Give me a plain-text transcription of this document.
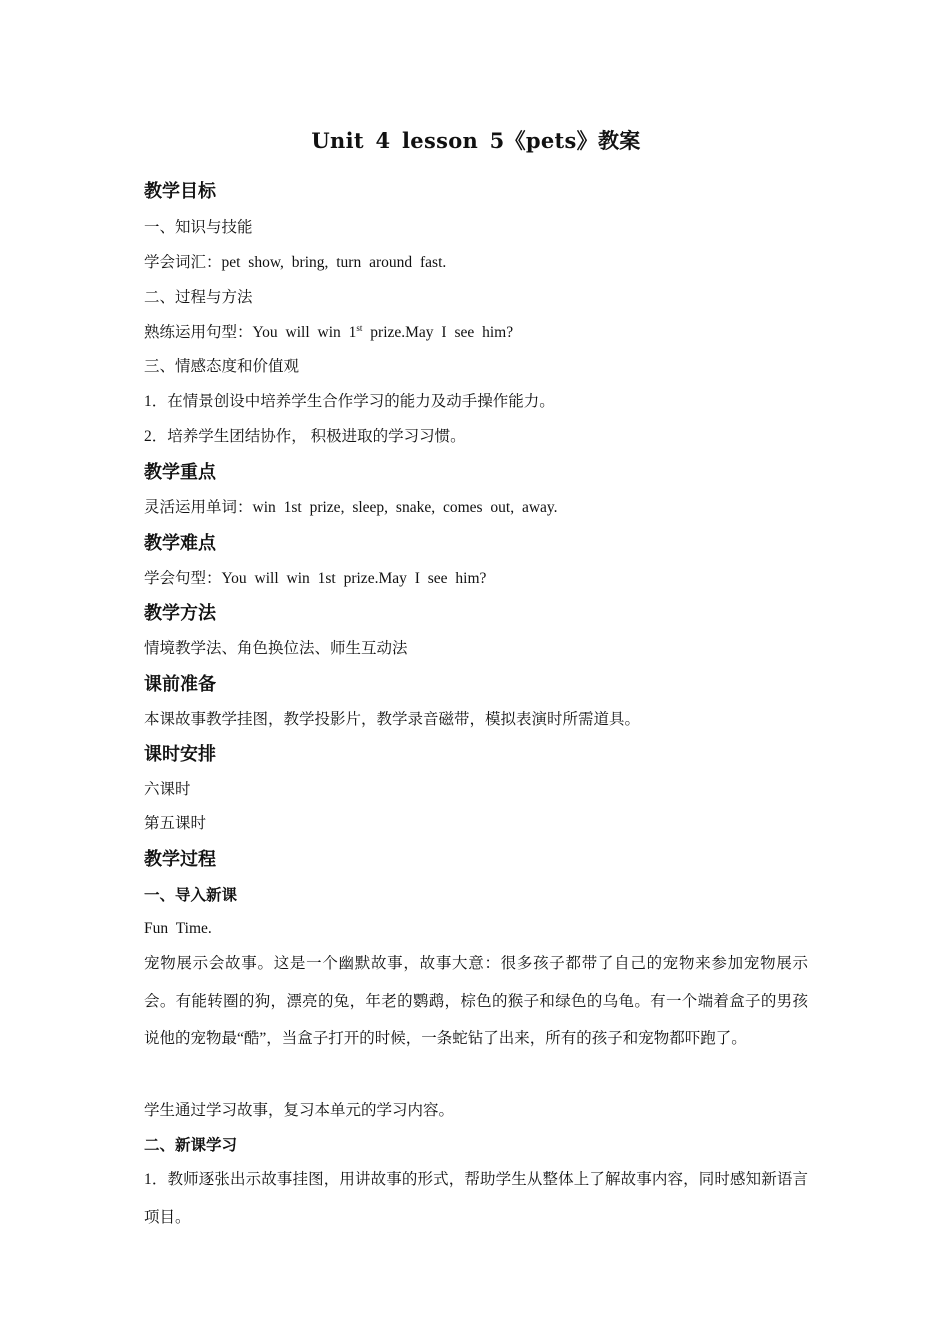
Unit 4 lesson 5《pets》教案
教学目标
一、知识与技能
学会词汇：pet show, bring, turn around fast.
二、过程与方法
熟练运用句型：You will win 1st prize.May I see him?
三、情感态度和价值观
1．在情景创设中培养学生合作学习的能力及动手操作能力。
2．培养学生团结协作， 积极进取的学习习惯。
教学重点
灵活运用单词：win 1st prize, sleep, snake, comes out, away.
教学难点
学会句型：You will win 1st prize.May I see him?
教学方法
情境教学法、角色换位法、师生互动法
课前准备
本课故事教学挂图，教学投影片，教学录音磁带，模拟表演时所需道具。
课时安排
六课时
第五课时
教学过程
一、导入新课
Fun Time.
宠物展示会故事。这是一个幽默故事，故事大意：很多孩子都带了自己的宠物来参加宠物展示会。有能转圈的狗，漂亮的兔，年老的鹦鹉，棕色的猴子和绿色的乌龟。有一个端着盒子的男孩说他的宠物最“酷”，当盒子打开的时候，一条蛇钻了出来，所有的孩子和宠物都吓跑了。
学生通过学习故事，复习本单元的学习内容。
二、新课学习
1．教师逐张出示故事挂图，用讲故事的形式，帮助学生从整体上了解故事内容，同时感知新语言项目。
